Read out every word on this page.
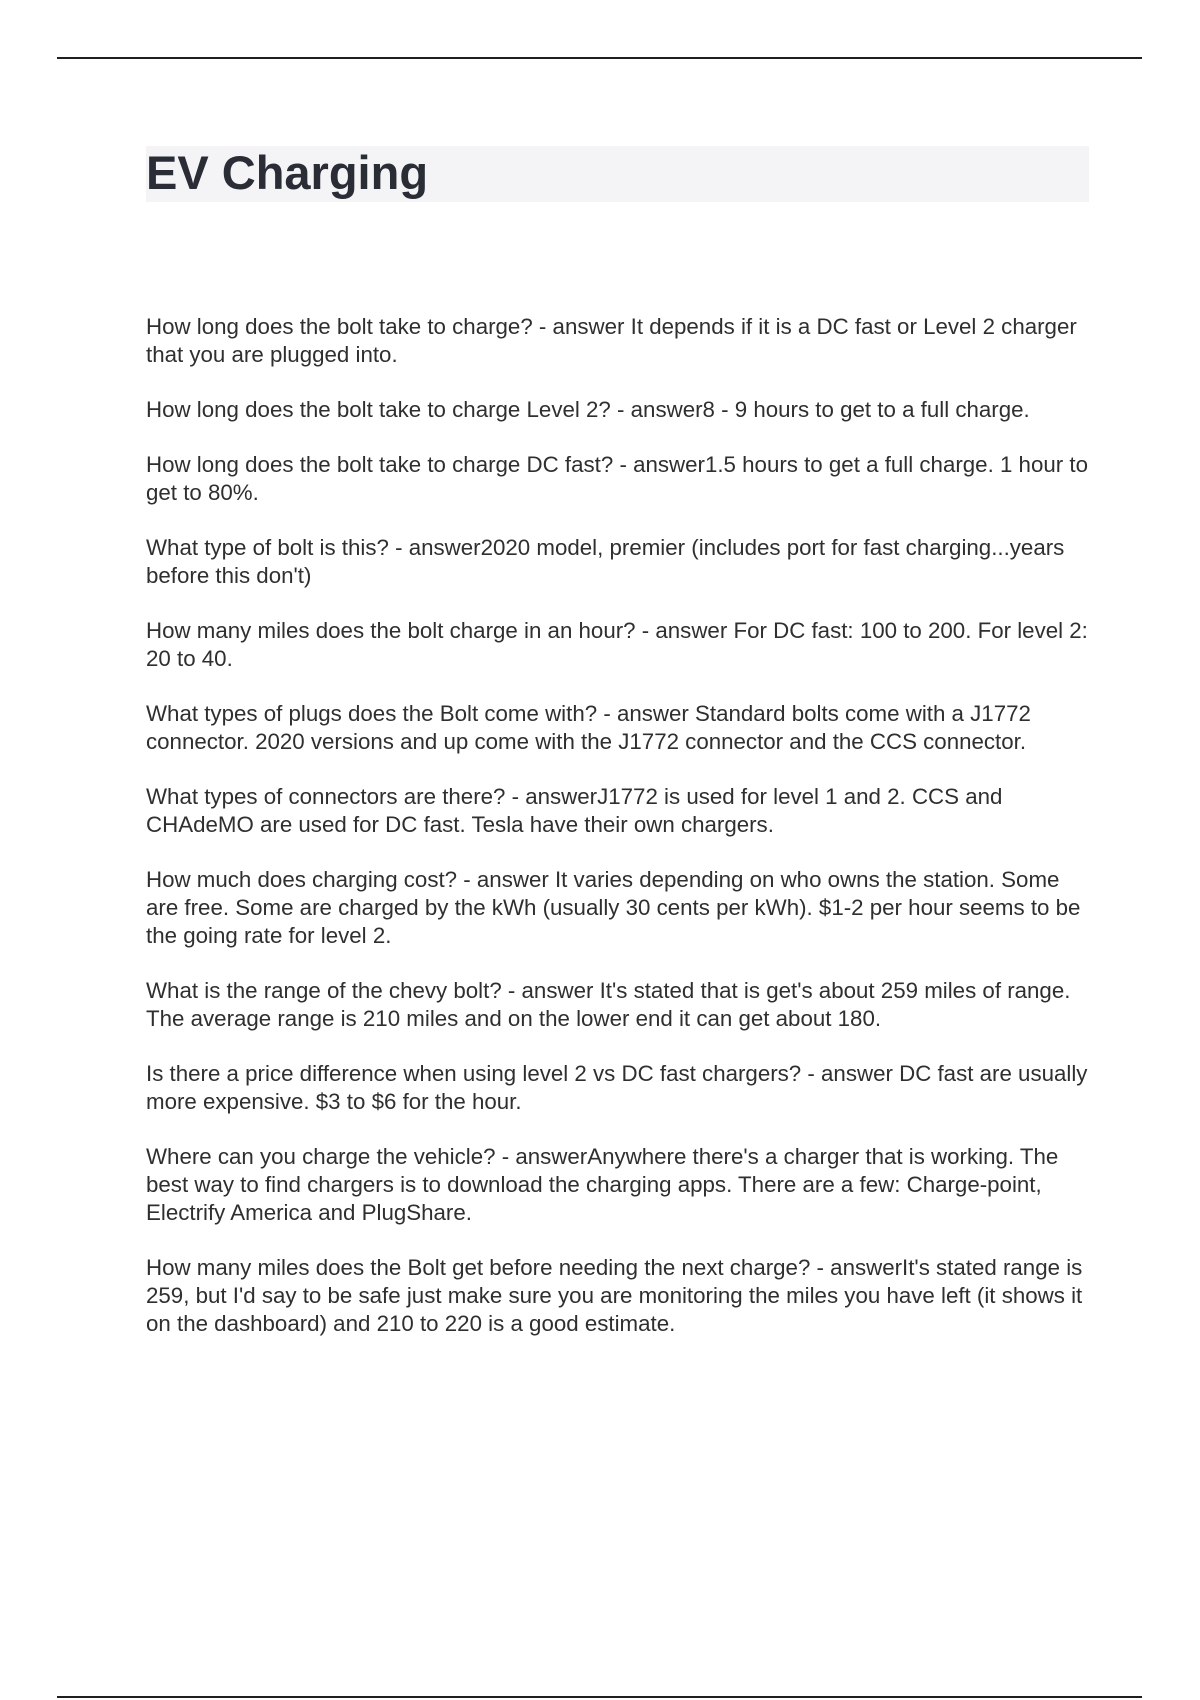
EV Charging
How long does the bolt take to charge? - answer It depends if it is a DC fast or Level 2 charger that you are plugged into.
How long does the bolt take to charge Level 2? - answer8 - 9 hours to get to a full charge.
How long does the bolt take to charge DC fast? - answer1.5 hours to get a full charge. 1 hour to get to 80%.
What type of bolt is this? - answer2020 model, premier (includes port for fast charging...years before this don't)
How many miles does the bolt charge in an hour? - answer For DC fast: 100 to 200. For level 2: 20 to 40.
What types of plugs does the Bolt come with? - answer Standard bolts come with a J1772 connector. 2020 versions and up come with the J1772 connector and the CCS connector.
What types of connectors are there? - answerJ1772 is used for level 1 and 2. CCS and CHAdeMO are used for DC fast. Tesla have their own chargers.
How much does charging cost? - answer It varies depending on who owns the station. Some are free. Some are charged by the kWh (usually 30 cents per kWh). $1-2 per hour seems to be the going rate for level 2.
What is the range of the chevy bolt? - answer It's stated that is get's about 259 miles of range. The average range is 210 miles and on the lower end it can get about 180.
Is there a price difference when using level 2 vs DC fast chargers? - answer DC fast are usually more expensive. $3 to $6 for the hour.
Where can you charge the vehicle? - answerAnywhere there's a charger that is working. The best way to find chargers is to download the charging apps. There are a few: Charge-point, Electrify America and PlugShare.
How many miles does the Bolt get before needing the next charge? - answerIt's stated range is 259, but I'd say to be safe just make sure you are monitoring the miles you have left (it shows it on the dashboard) and 210 to 220 is a good estimate.
